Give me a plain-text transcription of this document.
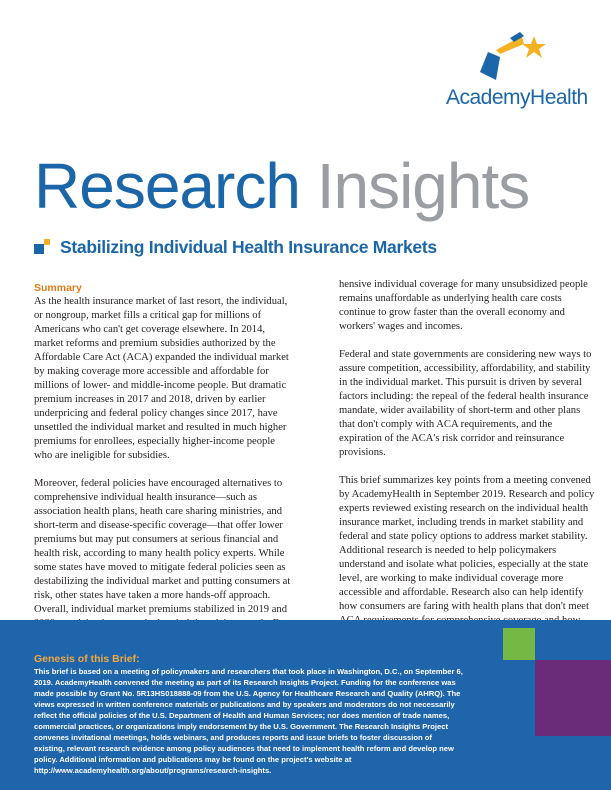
AcademyHealth
Research Insights
Stabilizing Individual Health Insurance Markets
Summary

As the health insurance market of last resort, the individual, or nongroup, market fills a critical gap for millions of Americans who can't get coverage elsewhere. In 2014, market reforms and premium subsidies authorized by the Affordable Care Act (ACA) expanded the individual market by making coverage more accessible and affordable for millions of lower- and middle-income people. But dramatic premium increases in 2017 and 2018, driven by earlier underpricing and federal policy changes since 2017, have unsettled the individual market and resulted in much higher premiums for enrollees, especially higher-income people who are ineligible for subsidies.

Moreover, federal policies have encouraged alternatives to comprehensive individual health insurance—such as association health plans, heath care sharing ministries, and short-term and disease-specific coverage—that offer lower premiums but may put consumers at serious financial and health risk, according to many health policy experts. While some states have moved to mitigate federal policies seen as destabilizing the individual market and putting consumers at risk, other states have taken a more hands-off approach. Overall, individual market premiums stabilized in 2019 and

hensive individual coverage for many unsubsidized people remains unaffordable as underlying health care costs continue to grow faster than the overall economy and workers' wages and incomes.

Federal and state governments are considering new ways to assure competition, accessibility, affordability, and stability in the individual market. This pursuit is driven by several factors including: the repeal of the federal health insurance mandate, wider availability of short-term and other plans that don't comply with ACA requirements, and the expiration of the ACA's risk corridor and reinsurance provisions.

This brief summarizes key points from a meeting convened by AcademyHealth in September 2019. Research and policy experts reviewed existing research on the individual health insurance market, including trends in market stability and federal and state policy options to address market stability. Additional research is needed to help policymakers understand and isolate what policies, especially at the state level, are working to make individual coverage more accessible and affordable. Research also can help identify how consumers are faring with health plans that don't meet

Genesis of this Brief:

This brief is based on a meeting of policymakers and researchers that took place in Washington, D.C., on September 6, 2019. AcademyHealth convened the meeting as part of its Research Insights Project. Funding for the conference was made possible by Grant No. 5R13HS018888-09 from the U.S. Agency for Healthcare Research and Quality (AHRQ). The views expressed in written conference materials or publications and by speakers and moderators do not necessarily reflect the official policies of the U.S. Department of Health and Human Services; nor does mention of trade names, commercial practices, or organizations imply endorsement by the U.S. Government. The Research Insights Project convenes invitational meetings, holds webinars, and produces reports and issue briefs to foster discussion of existing, relevant research evidence among policy audiences that need to implement health reform and develop new policy. Additional information and publications may be found on the project's website at http://www.academyhealth.org/about/programs/research-insights.
